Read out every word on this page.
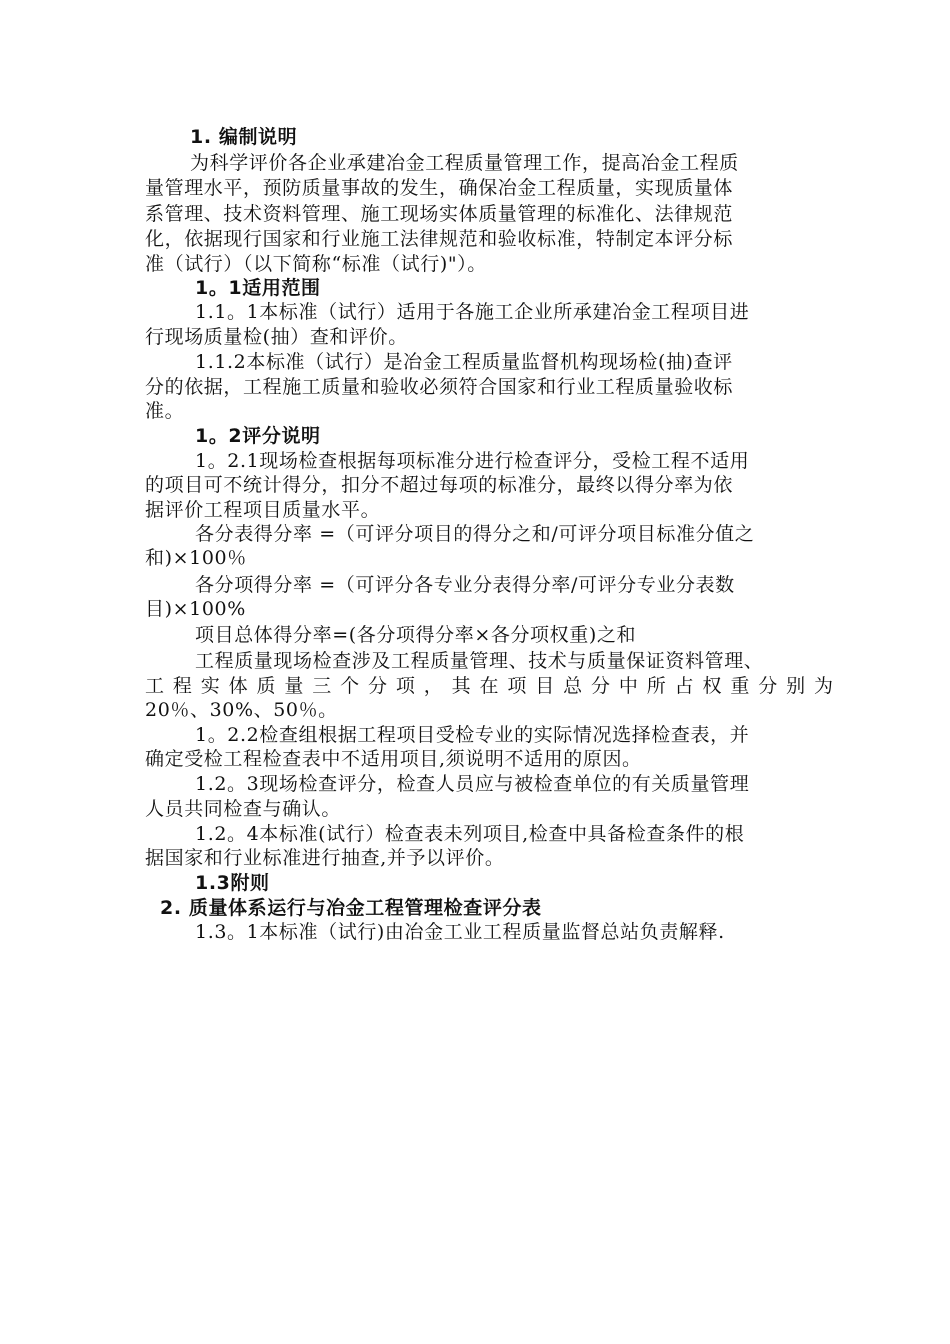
1. 编制说明
为科学评价各企业承建冶金工程质量管理工作，提高冶金工程质
量管理水平，预防质量事故的发生，确保冶金工程质量，实现质量体
系管理、技术资料管理、施工现场实体质量管理的标准化、法律规范
化，依据现行国家和行业施工法律规范和验收标准，特制定本评分标
准（试行）（以下简称“标准（试行)"）。
1。1适用范围
1.1。1本标准（试行）适用于各施工企业所承建冶金工程项目进
行现场质量检(抽）查和评价。
1.1.2本标准（试行）是冶金工程质量监督机构现场检(抽)查评
分的依据，工程施工质量和验收必须符合国家和行业工程质量验收标
准。
1。2评分说明
1。2.1现场检查根据每项标准分进行检查评分，受检工程不适用
的项目可不统计得分，扣分不超过每项的标准分，最终以得分率为依
据评价工程项目质量水平。
各分表得分率 =（可评分项目的得分之和/可评分项目标准分值之
和)×100％
各分项得分率 =（可评分各专业分表得分率/可评分专业分表数
目)×100%
项目总体得分率=(各分项得分率×各分项权重)之和
工程质量现场检查涉及工程质量管理、技术与质量保证资料管理、
工程实体质量三个分项，其在项目总分中所占权重分别为
20％、30%、50％。
1。2.2检查组根据工程项目受检专业的实际情况选择检查表，并
确定受检工程检查表中不适用项目,须说明不适用的原因。
1.2。3现场检查评分，检查人员应与被检查单位的有关质量管理
人员共同检查与确认。
1.2。4本标准(试行）检查表未列项目,检查中具备检查条件的根
据国家和行业标准进行抽查,并予以评价。
1.3附则
2. 质量体系运行与冶金工程管理检查评分表
1.3。1本标准（试行)由冶金工业工程质量监督总站负责解释.
